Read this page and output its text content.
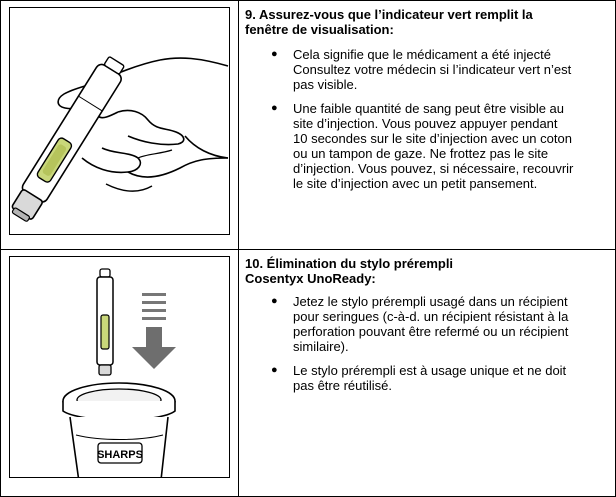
9. Assurez-vous que l’indicateur vert remplit la
fenêtre de visualisation:
● Cela signifie que le médicament a été injecté
Consultez votre médecin si l’indicateur vert n’est
pas visible.
● Une faible quantité de sang peut être visible au
site d’injection. Vous pouvez appuyer pendant
10 secondes sur le site d’injection avec un coton
ou un tampon de gaze. Ne frottez pas le site
d’injection. Vous pouvez, si nécessaire, recouvrir
le site d’injection avec un petit pansement.
SHARPS
10. Élimination du stylo prérempli
Cosentyx UnoReady:
● Jetez le stylo prérempli usagé dans un récipient
pour seringues (c-à-d. un récipient résistant à la
perforation pouvant être refermé ou un récipient
similaire).
● Le stylo prérempli est à usage unique et ne doit
pas être réutilisé.
